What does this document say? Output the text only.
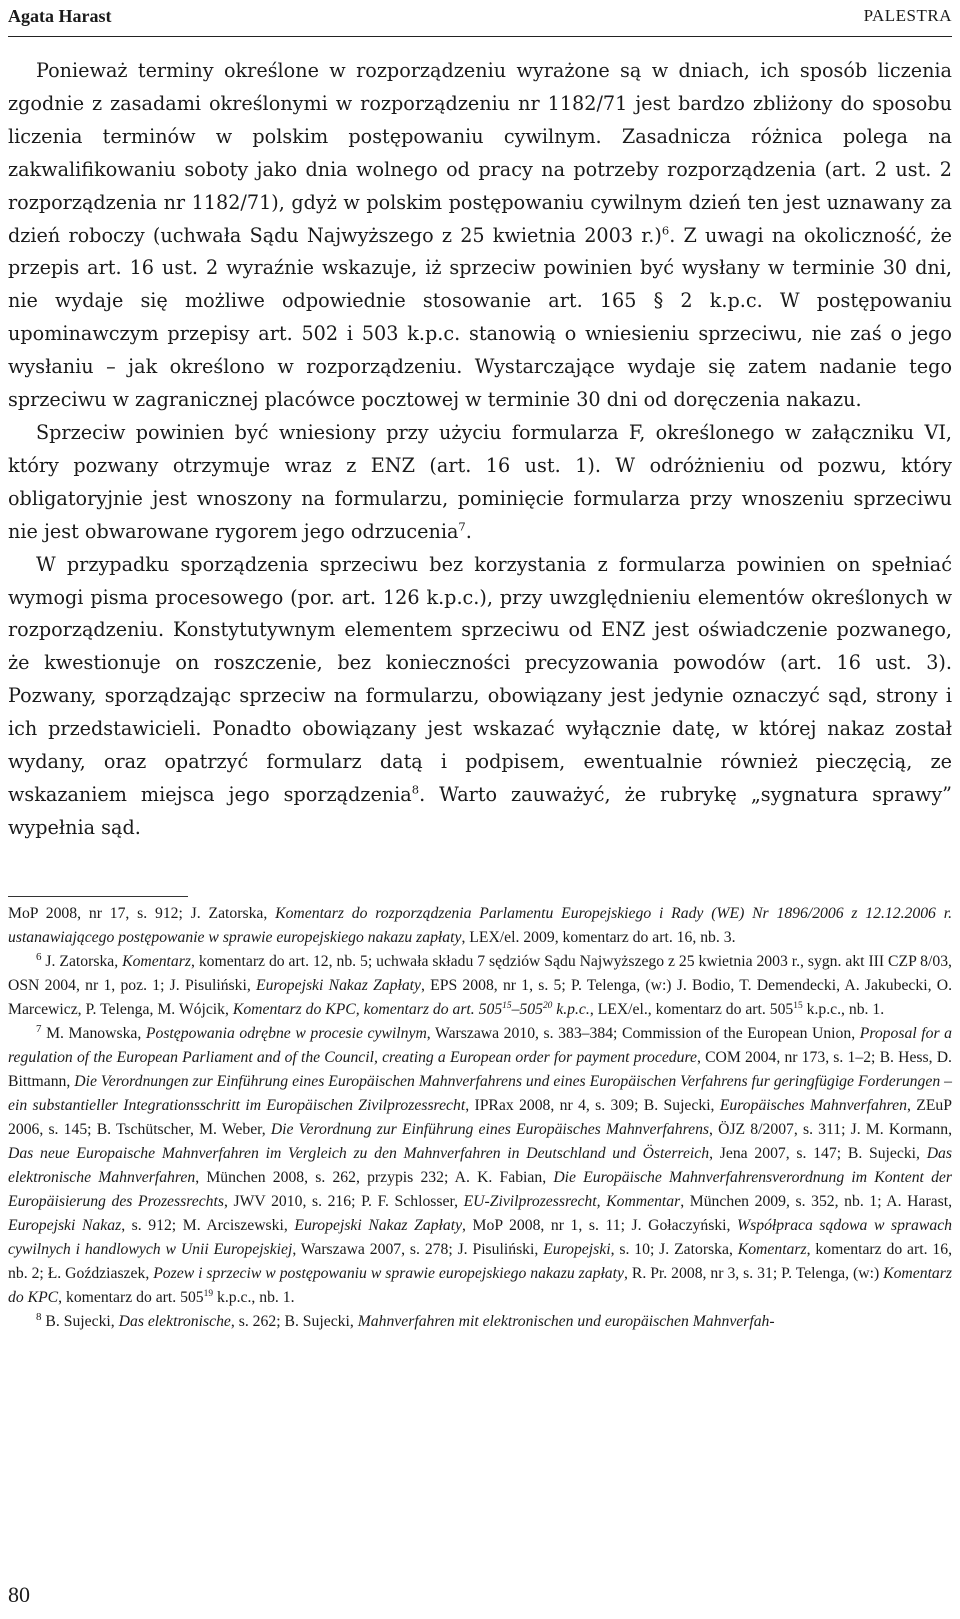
Agata Harast	PALESTRA

Ponieważ terminy określone w rozporządzeniu wyrażone są w dniach, ich sposób liczenia zgodnie z zasadami określonymi w rozporządzeniu nr 1182/71 jest bardzo zbliżony do sposobu liczenia terminów w polskim postępowaniu cywilnym. Zasadnicza różnica polega na zakwalifikowaniu soboty jako dnia wolnego od pracy na potrzeby rozporządzenia (art. 2 ust. 2 rozporządzenia nr 1182/71), gdyż w polskim postępowaniu cywilnym dzień ten jest uznawany za dzień roboczy (uchwała Sądu Najwyższego z 25 kwietnia 2003 r.)$^6$. Z uwagi na okoliczność, że przepis art. 16 ust. 2 wyraźnie wskazuje, iż sprzeciw powinien być wysłany w terminie 30 dni, nie wydaje się możliwe odpowiednie stosowanie art. 165 § 2 k.p.c. W postępowaniu upominawczym przepisy art. 502 i 503 k.p.c. stanowią o wniesieniu sprzeciwu, nie zaś o jego wysłaniu – jak określono w rozporządzeniu. Wystarczające wydaje się zatem nadanie tego sprzeciwu w zagranicznej placówce pocztowej w terminie 30 dni od doręczenia nakazu.

Sprzeciw powinien być wniesiony przy użyciu formularza F, określonego w załączniku VI, który pozwany otrzymuje wraz z ENZ (art. 16 ust. 1). W odróżnieniu od pozwu, który obligatoryjnie jest wnoszony na formularzu, pominięcie formularza przy wnoszeniu sprzeciwu nie jest obwarowane rygorem jego odrzucenia$^7$.

W przypadku sporządzenia sprzeciwu bez korzystania z formularza powinien on spełniać wymogi pisma procesowego (por. art. 126 k.p.c.), przy uwzględnieniu elementów określonych w rozporządzeniu. Konstytutywnym elementem sprzeciwu od ENZ jest oświadczenie pozwanego, że kwestionuje on roszczenie, bez konieczności precyzowania powodów (art. 16 ust. 3). Pozwany, sporządzając sprzeciw na formularzu, obowiązany jest jedynie oznaczyć sąd, strony i ich przedstawicieli. Ponadto obowiązany jest wskazać wyłącznie datę, w której nakaz został wydany, oraz opatrzyć formularz datą i podpisem, ewentualnie również pieczęcią, ze wskazaniem miejsca jego sporządzenia$^8$. Warto zauważyć, że rubrykę „sygnatura sprawy” wypełnia sąd.

MoP 2008, nr 17, s. 912; J. Zatorska, Komentarz do rozporządzenia Parlamentu Europejskiego i Rady (WE) Nr 1896/2006 z 12.12.2006 r. ustanawiającego postępowanie w sprawie europejskiego nakazu zapłaty, LEX/el. 2009, komentarz do art. 16, nb. 3.

$^6$ J. Zatorska, Komentarz, komentarz do art. 12, nb. 5; uchwała składu 7 sędziów Sądu Najwyższego z 25 kwietnia 2003 r., sygn. akt III CZP 8/03, OSN 2004, nr 1, poz. 1; J. Pisuliński, Europejski Nakaz Zapłaty, EPS 2008, nr 1, s. 5; P. Telenga, (w:) J. Bodio, T. Demendecki, A. Jakubecki, O. Marcewicz, P. Telenga, M. Wójcik, Komentarz do KPC, komentarz do art. $505^{15}-505^{20}$ k.p.c., LEX/el., komentarz do art. $505^{15}$ k.p.c., nb. 1.

$^7$ M. Manowska, Postępowania odrębne w procesie cywilnym, Warszawa 2010, s. 383–384; Commission of the European Union, Proposal for a regulation of the European Parliament and of the Council, creating a European order for payment procedure, COM 2004, nr 173, s. 1–2; B. Hess, D. Bittmann, Die Verordnungen zur Einführung eines Europäischen Mahnverfahrens und eines Europäischen Verfahrens fur geringfügige Forderungen – ein substantieller Integrationsschritt im Europäischen Zivilprozessrecht, IPRax 2008, nr 4, s. 309; B. Sujecki, Europäisches Mahnverfahren, ZEuP 2006, s. 145; B. Tschütscher, M. Weber, Die Verordnung zur Einführung eines Europäisches Mahnverfahrens, ÖJZ 8/2007, s. 311; J. M. Kormann, Das neue Europaische Mahnverfahren im Vergleich zu den Mahnverfahren in Deutschland und Österreich, Jena 2007, s. 147; B. Sujecki, Das elektronische Mahnverfahren, München 2008, s. 262, przypis 232; A. K. Fabian, Die Europäische Mahnverfahrensverordnung im Kontent der Europäisierung des Prozessrechts, JWV 2010, s. 216; P. F. Schlosser, EU-Zivilprozessrecht, Kommentar, München 2009, s. 352, nb. 1; A. Harast, Europejski Nakaz, s. 912; M. Arciszewski, Europejski Nakaz Zapłaty, MoP 2008, nr 1, s. 11; J. Gołaczyński, Współpraca sądowa w sprawach cywilnych i handlowych w Unii Europejskiej, Warszawa 2007, s. 278; J. Pisuliński, Europejski, s. 10; J. Zatorska, Komentarz, komentarz do art. 16, nb. 2; Ł. Goździaszek, Pozew i sprzeciw w postępowaniu w sprawie europejskiego nakazu zapłaty, R. Pr. 2008, nr 3, s. 31; P. Telenga, (w:) Komentarz do KPC, komentarz do art. $505^{19}$ k.p.c., nb. 1.

$^8$ B. Sujecki, Das elektronische, s. 262; B. Sujecki, Mahnverfahren mit elektronischen und europäischen Mahnverfah-

80
